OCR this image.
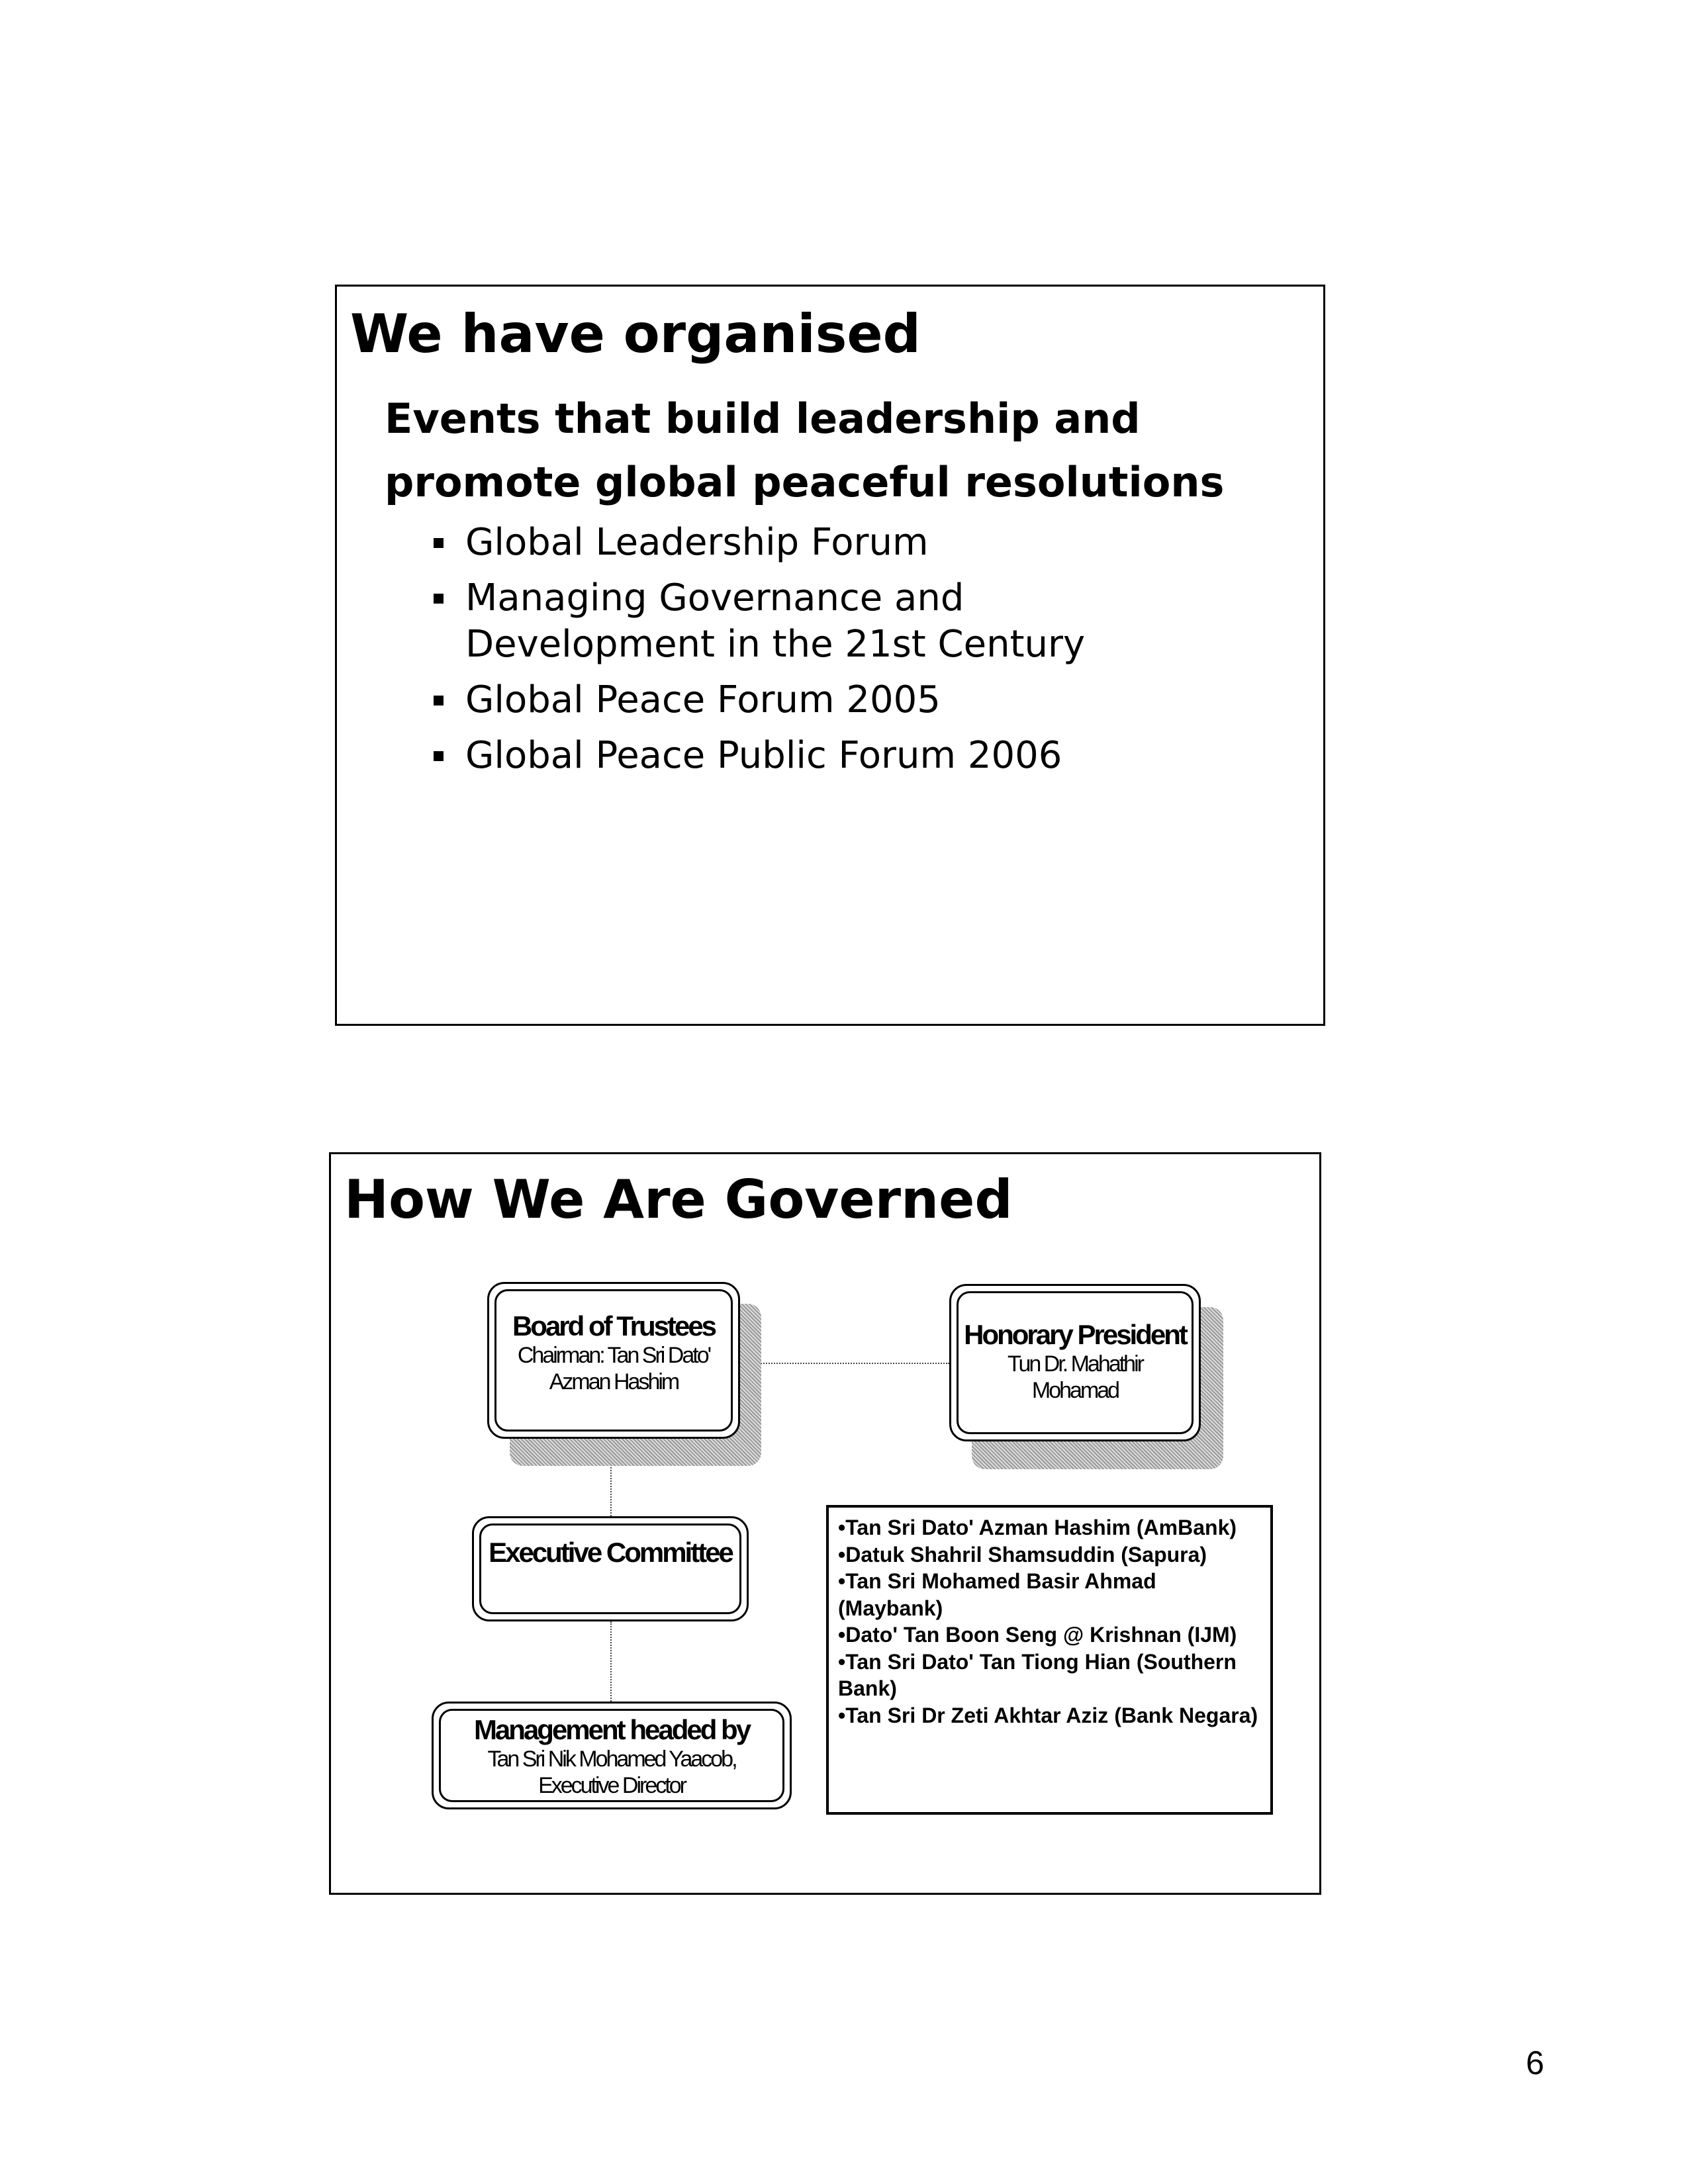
We have organised
Events that build leadership and
promote global peaceful resolutions
Global Leadership Forum
Managing Governance and Development in the 21st Century
Global Peace Forum 2005
Global Peace Public Forum 2006
How We Are Governed
Board of Trustees
Chairman: Tan Sri Dato'
Azman Hashim
Honorary President
Tun Dr. Mahathir
Mohamad
Executive Committee
Management headed by
Tan Sri Nik Mohamed Yaacob,
Executive Director
•Tan Sri Dato' Azman Hashim (AmBank)
•Datuk Shahril Shamsuddin (Sapura)
•Tan Sri Mohamed Basir Ahmad (Maybank)
•Dato' Tan Boon Seng @ Krishnan (IJM)
•Tan Sri Dato' Tan Tiong Hian (Southern Bank)
•Tan Sri Dr Zeti Akhtar Aziz (Bank Negara)
6
